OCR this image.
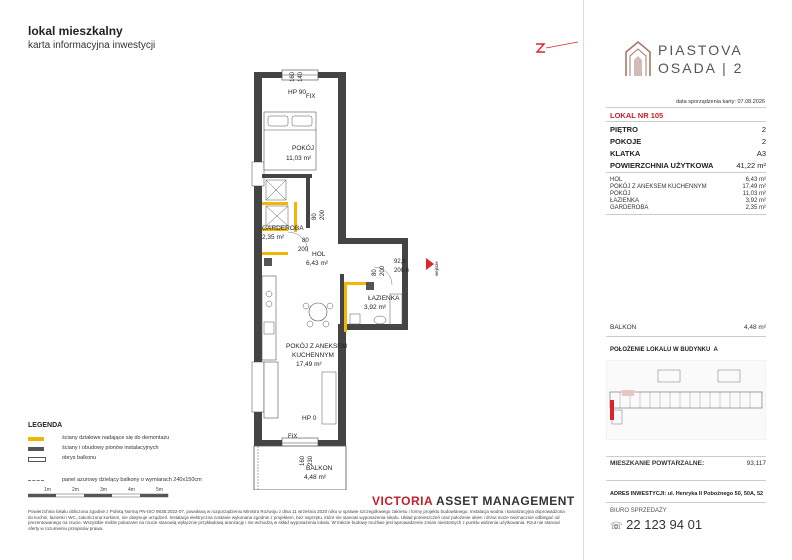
lokal mieszkalny
karta informacyjna inwestycji	PIASTOVA
OSADA | 2
data sporządzenia karty: 07.08.2026
LOKAL NR 105
PIĘTRO	2
POKOJE	2
KLATKA	A3
POWIERZCHNIA UŻYTKOWA	41,22 m²
HOL	6,43 m²
POKÓJ Z ANEKSEM KUCHENNYM	17,49 m²
POKÓJ	11,03 m²
ŁAZIENKA	3,92 m²
GARDEROBA	2,35 m²
BALKON	4,48 m²
POŁOŻENIE LOKALU W BUDYNKU  A
MIESZKANIE POWTARZALNE:	93,117
ADRES INWESTYCJI: ul. Henryka II Pobożnego 50, 50A, 52
BIURO SPRZEDAŻY
☏ 22 123 94 01
LEGENDA
ściany działowe nadające się do demontażu
ściany i obudowy pionów instalacyjnych
obrys balkonu
panel azurowy dzielący balkony o wymiarach 240x150cm
1m	2m	3m	4m	5m
VICTORIA ASSET MANAGEMENT
Powierzchnia lokalu obliczona zgodnie z Polską Normą PN-ISO 9836:2022-07, powołaną w rozporządzeniu Ministra Rozwoju z dnia 11 września 2020 roku w sprawie szczegółowego zakresu i formy projektu budowlanego. Instalacja wodna i kanalizacyjna doprowadzona do kuchni, łazienki i WC, zakończona korkiem, nie obejmuje urządzeń. Instalacja elektryczna zostanie wykonana zgodnie z projektem, bez osprzętu, które nie stanowi wyposażenia lokalu. Układ pomieszczeń oraz położenie okien i drzwi może nieznacznie odbiegać od prezentowanego na rzucie. Wszystkie meble pokazane na rzucie stanowią wyłącznie przykładową aranżację i nie wchodzą w skład wyposażenia lokalu. W trakcie budowy możliwe jest wprowadzenie zmian nieistotnych z punktu widzenia użytkowania. Rzut nie stanowi oferty w rozumieniu przepisów prawa.
HP 90
POKÓJ
11,03 m²
GARDEROBA
2,35 m²
HOL
6,43 m²
ŁAZIENKA
3,92 m²
POKÓJ Z ANEKSEM
KUCHENNYM
17,49 m²
HP 0
BALKON
4,48 m²
wejście
160 140
FIX
80 200
80
200
80 200
92,8
200,6
FIX
160 230
